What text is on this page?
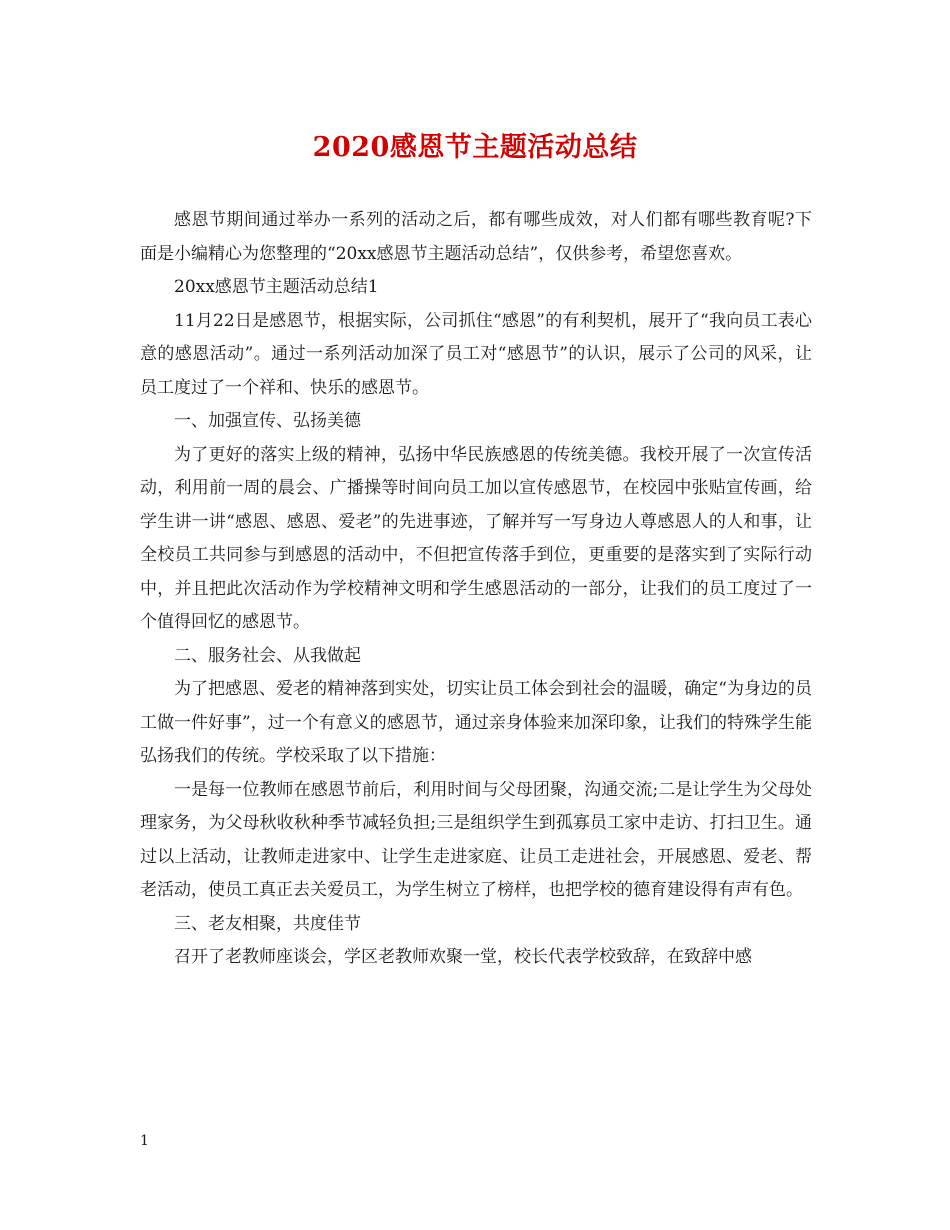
2020感恩节主题活动总结

感恩节期间通过举办一系列的活动之后，都有哪些成效，对人们都有哪些教育呢?下面是小编精心为您整理的“20xx感恩节主题活动总结”，仅供参考，希望您喜欢。

20xx感恩节主题活动总结1

11月22日是感恩节，根据实际，公司抓住“感恩”的有利契机，展开了“我向员工表心意的感恩活动”。通过一系列活动加深了员工对“感恩节”的认识，展示了公司的风采，让员工度过了一个祥和、快乐的感恩节。

一、加强宣传、弘扬美德

为了更好的落实上级的精神，弘扬中华民族感恩的传统美德。我校开展了一次宣传活动，利用前一周的晨会、广播操等时间向员工加以宣传感恩节，在校园中张贴宣传画，给学生讲一讲“感恩、感恩、爱老”的先进事迹，了解并写一写身边人尊感恩人的人和事，让全校员工共同参与到感恩的活动中，不但把宣传落手到位，更重要的是落实到了实际行动中，并且把此次活动作为学校精神文明和学生感恩活动的一部分，让我们的员工度过了一个值得回忆的感恩节。

二、服务社会、从我做起

为了把感恩、爱老的精神落到实处，切实让员工体会到社会的温暖，确定“为身边的员工做一件好事”，过一个有意义的感恩节，通过亲身体验来加深印象，让我们的特殊学生能弘扬我们的传统。学校采取了以下措施：

一是每一位教师在感恩节前后，利用时间与父母团聚，沟通交流;二是让学生为父母处理家务，为父母秋收秋种季节减轻负担;三是组织学生到孤寡员工家中走访、打扫卫生。通过以上活动，让教师走进家中、让学生走进家庭、让员工走进社会，开展感恩、爱老、帮老活动，使员工真正去关爱员工，为学生树立了榜样，也把学校的德育建设得有声有色。

三、老友相聚，共度佳节

召开了老教师座谈会，学区老教师欢聚一堂，校长代表学校致辞，在致辞中感

1
